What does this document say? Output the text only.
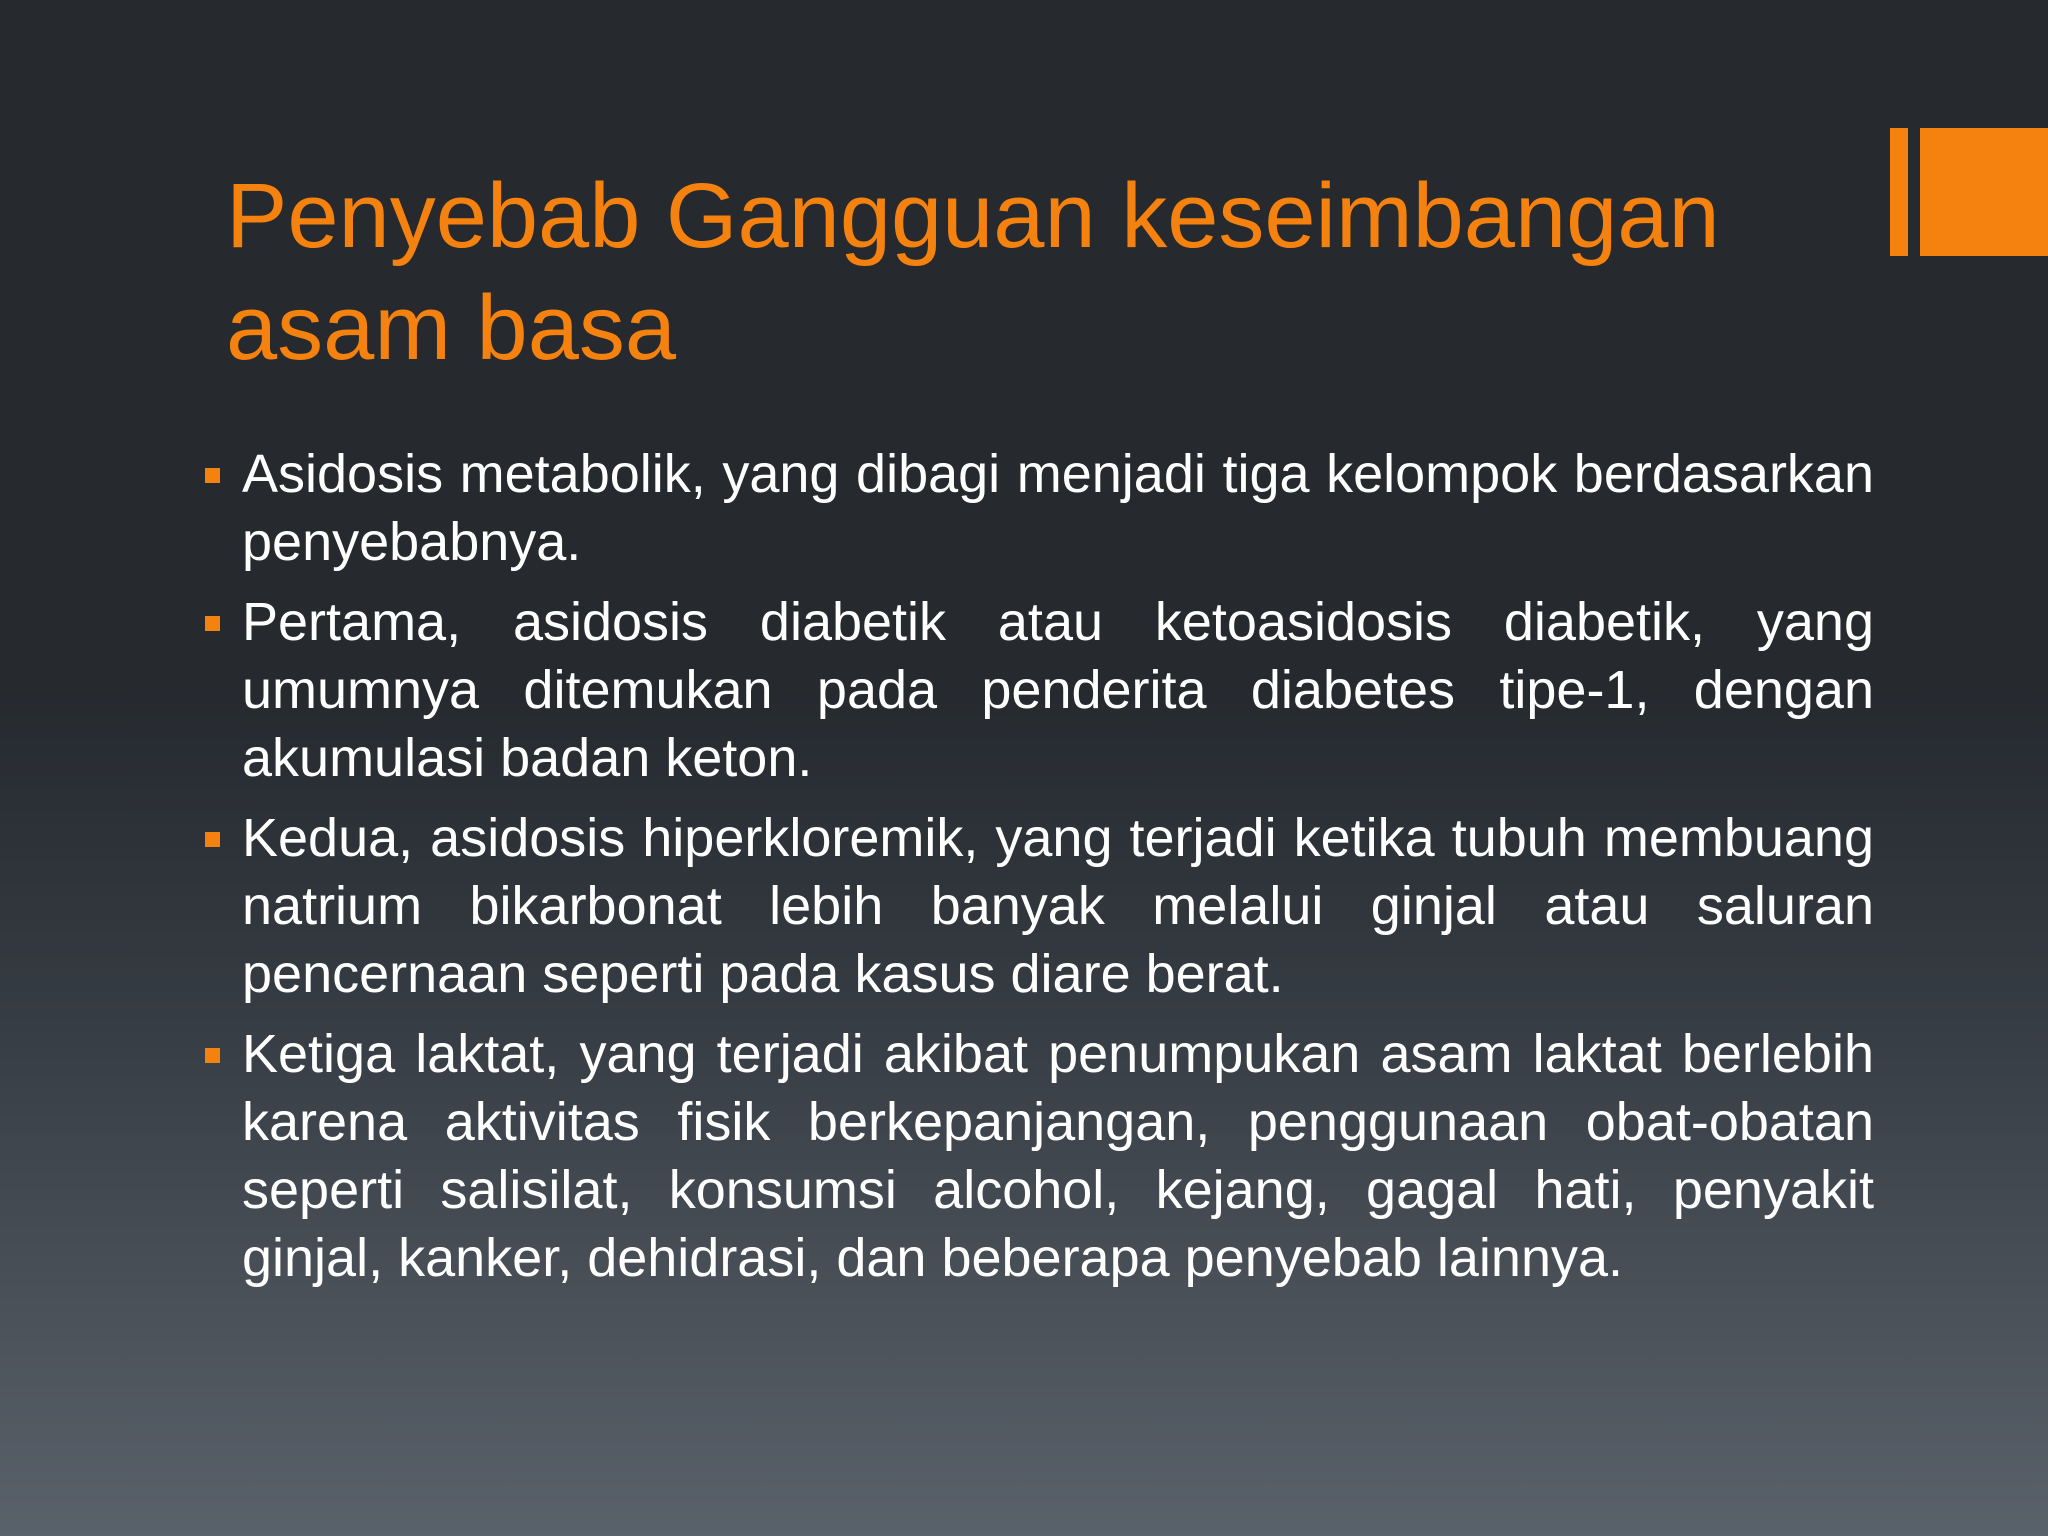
Penyebab Gangguan keseimbangan asam basa
Asidosis metabolik, yang dibagi menjadi tiga kelompok berdasarkan penyebabnya.
Pertama, asidosis diabetik atau ketoasidosis diabetik, yang umumnya ditemukan pada penderita diabetes tipe-1, dengan akumulasi badan keton.
Kedua, asidosis hiperkloremik, yang terjadi ketika tubuh membuang natrium bikarbonat lebih banyak melalui ginjal atau saluran pencernaan seperti pada kasus diare berat.
Ketiga laktat, yang terjadi akibat penumpukan asam laktat berlebih karena aktivitas fisik berkepanjangan, penggunaan obat-obatan seperti salisilat, konsumsi alcohol, kejang, gagal hati, penyakit ginjal, kanker, dehidrasi, dan beberapa penyebab lainnya.
